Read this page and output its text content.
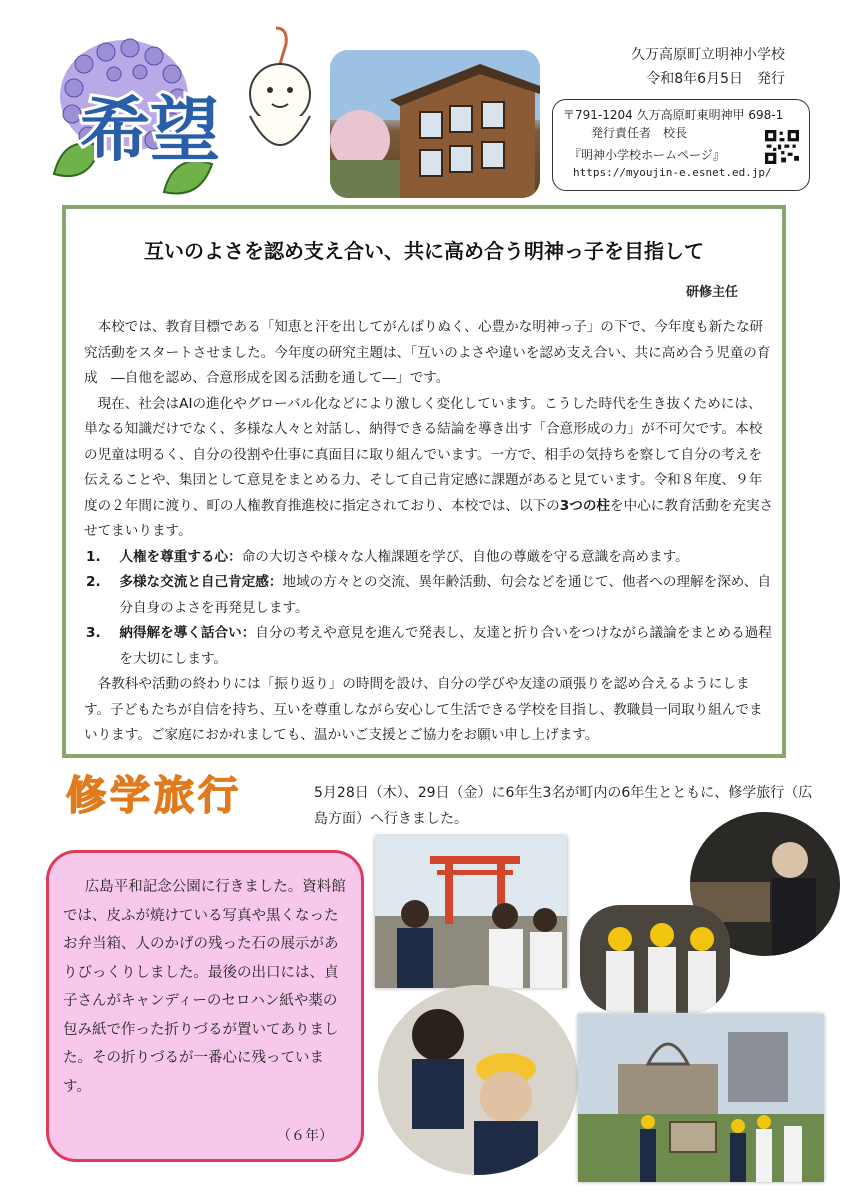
希望
久万高原町立明神小学校
令和8年6月5日　発行
〒791-1204 久万高原町東明神甲 698-1
発行責任者　校長
『明神小学校ホームページ』
https://myoujin-e.esnet.ed.jp/
互いのよさを認め支え合い、共に高め合う明神っ子を目指して
研修主任

本校では、教育目標である「知恵と汗を出してがんばりぬく、心豊かな明神っ子」の下で、今年度も新たな研究活動をスタートさせました。今年度の研究主題は、「互いのよさや違いを認め支え合い、共に高め合う児童の育成　―自他を認め、合意形成を図る活動を通して―」です。

現在、社会はAIの進化やグローバル化などにより激しく変化しています。こうした時代を生き抜くためには、単なる知識だけでなく、多様な人々と対話し、納得できる結論を導き出す「合意形成の力」が不可欠です。本校の児童は明るく、自分の役割や仕事に真面目に取り組んでいます。一方で、相手の気持ちを察して自分の考えを伝えることや、集団として意見をまとめる力、そして自己肯定感に課題があると見ています。令和８年度、９年度の２年間に渡り、町の人権教育推進校に指定されており、本校では、以下の3つの柱を中心に教育活動を充実させてまいります。

1. 人権を尊重する心：命の大切さや様々な人権課題を学び、自他の尊厳を守る意識を高めます。

2. 多様な交流と自己肯定感：地域の方々との交流、異年齢活動、句会などを通じて、他者への理解を深め、自分自身のよさを再発見します。

3. 納得解を導く話合い：自分の考えや意見を進んで発表し、友達と折り合いをつけながら議論をまとめる過程を大切にします。

各教科や活動の終わりには「振り返り」の時間を設け、自分の学びや友達の頑張りを認め合えるようにします。子どもたちが自信を持ち、互いを尊重しながら安心して生活できる学校を目指し、教職員一同取り組んでまいります。ご家庭におかれましても、温かいご支援とご協力をお願い申し上げます。

修学旅行	5月28日（木）、29日（金）に6年生3名が町内の6年生とともに、修学旅行（広島方面）へ行きました。
広島平和記念公園に行きました。資料館では、皮ふが焼けている写真や黒くなったお弁当箱、人のかげの残った石の展示がありびっくりしました。最後の出口には、貞子さんがキャンディーのセロハン紙や薬の包み紙で作った折りづるが置いてありました。その折りづるが一番心に残っています。
（６年）
